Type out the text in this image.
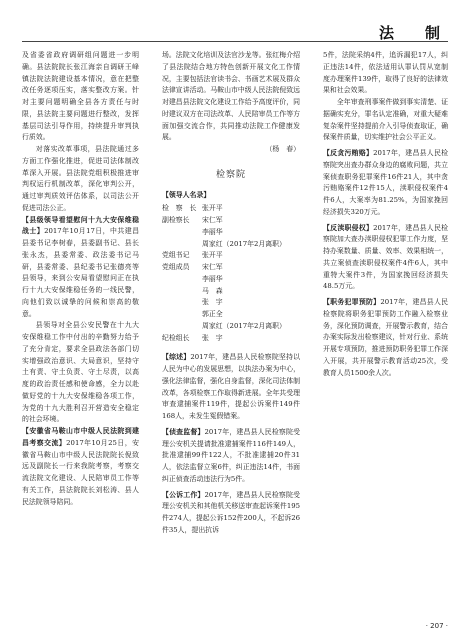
法　制

及省委省政府调研组问题进一步明确。县法院院长张江海亲自调研王峰镇法院法院建设基本情况，意在把整改任务逐项压实，落实整改方案。针对主要问题明确全县各方责任与时限，县法院主要问题进行整改，发挥基层司法引导作用，持续提升审判执行质效。

对落实改革事项，县法院通过多方面工作强化推进，促进司法体制改革深入开展。县法院党组积极推进审判权运行机制改革，深化审判公开，通过审判质效评估体系，以司法公开促进司法公正。

【县级领导看望慰问十九大安保维稳战士】2017年10月17日，中共建昌县委书记李树春，县委副书记、县长张永杰，县委常委、政法委书记马研，县委常委、县纪委书记张德亮等县领导，来到公安局看望慰问正在执行十九大安保维稳任务的一线民警，向他们致以诚挚的问候和崇高的敬意。

县领导对全县公安民警在十九大安保维稳工作中付出的辛勤努力给予了充分肯定，要求全县政法各部门切实增强政治意识、大局意识，坚持守土有责、守土负责、守土尽责，以高度的政治责任感和使命感，全力以赴做好党的十九大安保维稳各项工作，为党的十九大胜利召开营造安全稳定的社会环境。

【安徽省马鞍山市中级人民法院到建昌考察交流】2017年10月25日，安徽省马鞍山市中级人民法院院长倪致远及副院长一行来我院考察，考察交流法院文化建设、人民陪审员工作等有关工作，县法院院长刘松涛、县人民法院领导陪同。

场。法院文化培训及法官沙龙等。张红梅介绍了县法院结合地方特色创新开展文化工作情况，主要包括法官读书会、书画艺术展及群众法律宣讲活动。马鞍山市中级人民法院倪致远对建昌县法院文化建设工作给予高度评价，同时建议双方在司法改革、人民陪审员工作等方面加强交流合作，共同推动法院工作健康发展。

（杨　春）

检察院
【领导人名录】
检　察　长 张开平
副检察长	宋仁军
李丽华
周家红（2017年2月离职）
党组书记	张开平
党组成员	宋仁军
李丽华
马　森
张　宇
郭正全
周家红（2017年2月离职）
纪检组长	张　宇

【综述】2017年，建昌县人民检察院坚持以人民为中心的发展思想，以执法办案为中心，强化法律监督，强化自身监督，深化司法体制改革，各项检察工作取得新进展。全年共受理审查逮捕案件119件，提起公诉案件149件168人，未发生冤假错案。

【侦查监督】2017年，建昌县人民检察院受理公安机关提请批准逮捕案件116件149人，批准逮捕99件122人，不批准逮捕20件31人，依法监督立案6件，纠正违法14件，书面纠正侦查活动违法行为5件。

【公诉工作】2017年，建昌县人民检察院受理公安机关和其他机关移送审查起诉案件195件274人，提起公诉152件200人，不起诉26件35人，提出抗诉

5件，法院采纳4件，追诉漏犯17人，纠正违法14件，依法适用认罪认罚从宽制度办理案件139件，取得了良好的法律效果和社会效果。

全年审查刑事案件做到事实清楚、证据确实充分，罪名认定准确，对重大疑难复杂案件坚持提前介入引导侦查取证，确保案件质量，切实维护社会公平正义。

【反贪污贿赂】2017年，建昌县人民检察院突出查办群众身边的腐败问题，共立案侦查职务犯罪案件16件21人，其中贪污贿赂案件12件15人，渎职侵权案件4件6人，大案率为81.25%，为国家挽回经济损失320万元。

【反渎职侵权】2017年，建昌县人民检察院加大查办渎职侵权犯罪工作力度，坚持办案数量、质量、效率、效果相统一，共立案侦查渎职侵权案件4件6人，其中重特大案件3件，为国家挽回经济损失48.5万元。

【职务犯罪预防】2017年，建昌县人民检察院将职务犯罪预防工作融入检察业务，深化预防调查，开展警示教育，结合办案实际发出检察建议，针对行业、系统开展专项预防，推进预防职务犯罪工作深入开展，共开展警示教育活动25次，受教育人员1500余人次。

· 207 ·
